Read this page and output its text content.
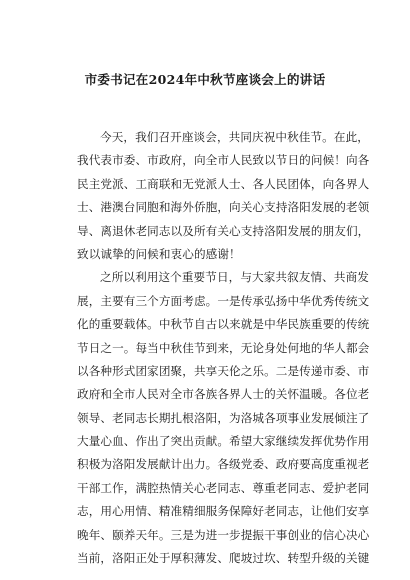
市委书记在2024年中秋节座谈会上的讲话
今天，我们召开座谈会，共同庆祝中秋佳节。在此，
我代表市委、市政府，向全市人民致以节日的问候！向各
民主党派、工商联和无党派人士、各人民团体，向各界人
士、港澳台同胞和海外侨胞，向关心支持洛阳发展的老领
导、离退休老同志以及所有关心支持洛阳发展的朋友们，
致以诚挚的问候和衷心的感谢！
之所以利用这个重要节日，与大家共叙友情、共商发
展，主要有三个方面考虑。一是传承弘扬中华优秀传统文
化的重要载体。中秋节自古以来就是中华民族重要的传统
节日之一。每当中秋佳节到来，无论身处何地的华人都会
以各种形式团家团聚，共享天伦之乐。二是传递市委、市
政府和全市人民对全市各族各界人士的关怀温暖。各位老
领导、老同志长期扎根洛阳，为洛城各项事业发展倾注了
大量心血、作出了突出贡献。希望大家继续发挥优势作用
积极为洛阳发展献计出力。各级党委、政府要高度重视老
干部工作，满腔热情关心老同志、尊重老同志、爱护老同
志，用心用情、精准精细服务保障好老同志，让他们安享
晚年、颐养天年。三是为进一步提振干事创业的信心决心
当前，洛阳正处于厚积薄发、爬坡过坎、转型升级的关键
